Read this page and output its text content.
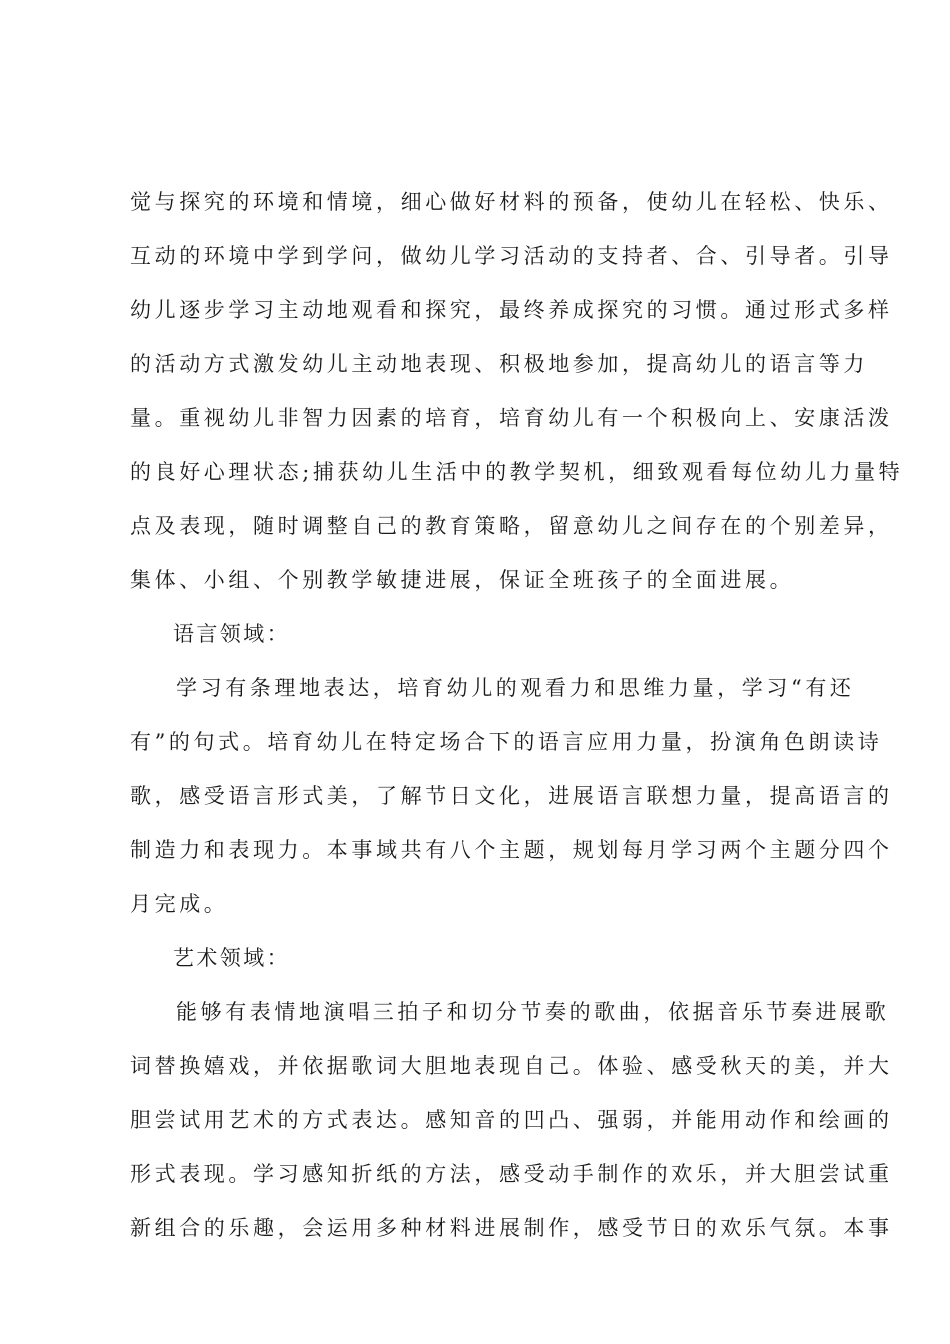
觉与探究的环境和情境，细心做好材料的预备，使幼儿在轻松、快乐、
互动的环境中学到学问，做幼儿学习活动的支持者、合、引导者。引导
幼儿逐步学习主动地观看和探究，最终养成探究的习惯。通过形式多样
的活动方式激发幼儿主动地表现、积极地参加，提高幼儿的语言等力
量。重视幼儿非智力因素的培育，培育幼儿有一个积极向上、安康活泼
的良好心理状态;捕获幼儿生活中的教学契机，细致观看每位幼儿力量特
点及表现，随时调整自己的教育策略，留意幼儿之间存在的个别差异，
集体、小组、个别教学敏捷进展，保证全班孩子的全面进展。
语言领域：
学习有条理地表达，培育幼儿的观看力和思维力量，学习“有还
有”的句式。培育幼儿在特定场合下的语言应用力量，扮演角色朗读诗
歌，感受语言形式美，了解节日文化，进展语言联想力量，提高语言的
制造力和表现力。本事域共有八个主题，规划每月学习两个主题分四个
月完成。
艺术领域：
能够有表情地演唱三拍子和切分节奏的歌曲，依据音乐节奏进展歌
词替换嬉戏，并依据歌词大胆地表现自己。体验、感受秋天的美，并大
胆尝试用艺术的方式表达。感知音的凹凸、强弱，并能用动作和绘画的
形式表现。学习感知折纸的方法，感受动手制作的欢乐，并大胆尝试重
新组合的乐趣，会运用多种材料进展制作，感受节日的欢乐气氛。本事
